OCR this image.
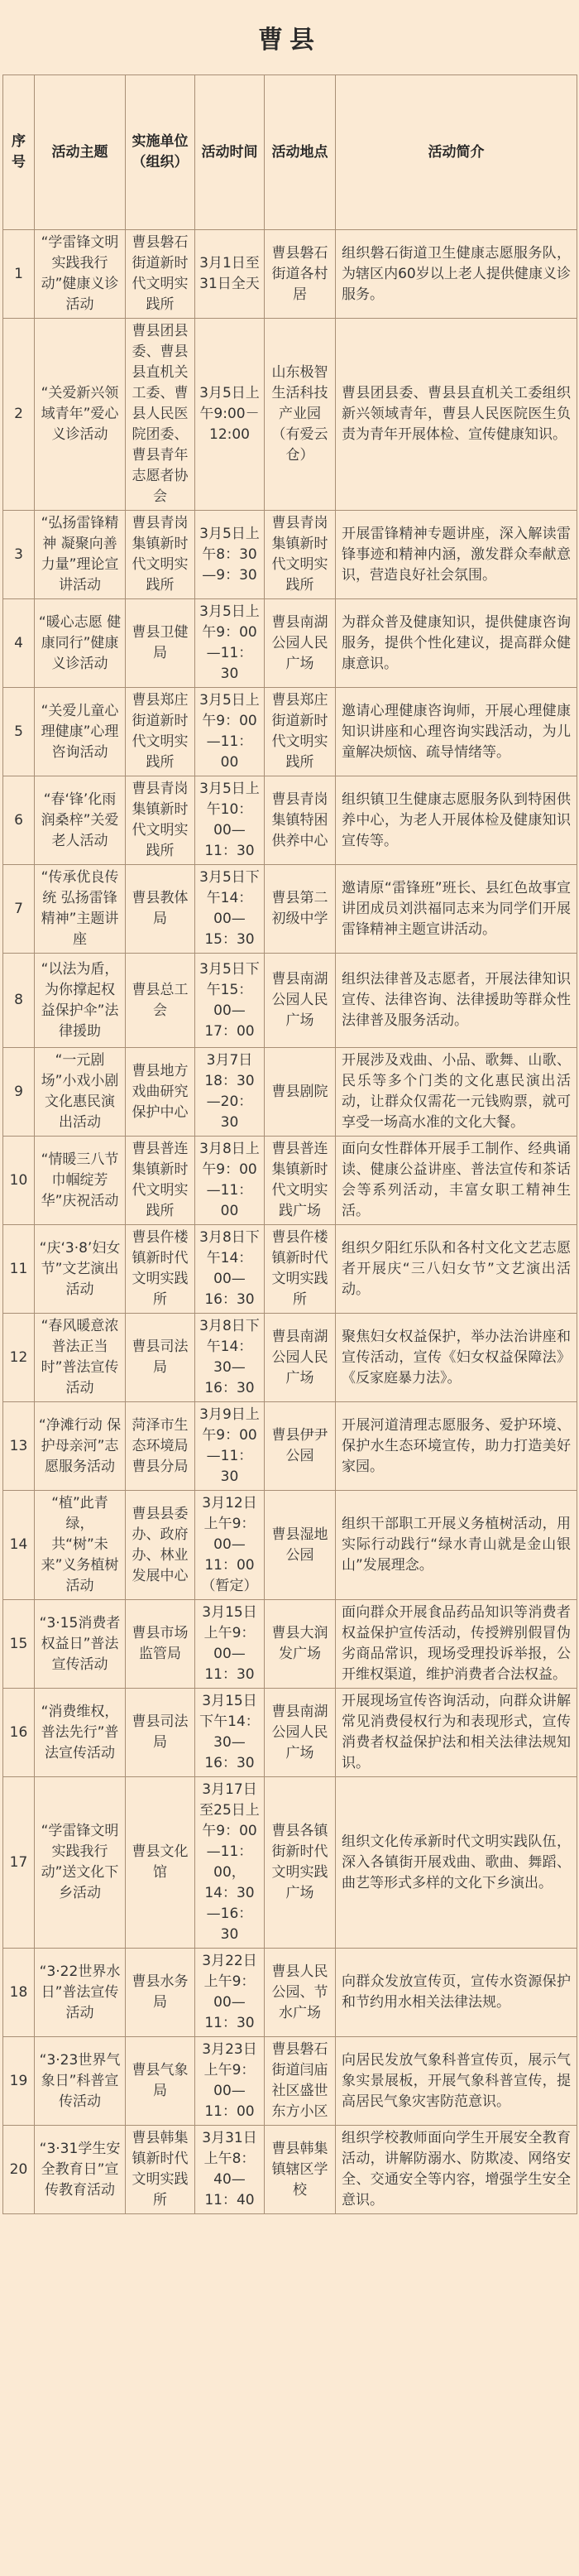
曹县
序号	活动主题	实施单位（组织）	活动时间	活动地点	活动简介
1	“学雷锋文明实践我行动”健康义诊活动	曹县磐石街道新时代文明实践所	3月1日至31日全天	曹县磐石街道各村居	组织磐石街道卫生健康志愿服务队，为辖区内60岁以上老人提供健康义诊服务。
2	“关爱新兴领域青年”爱心义诊活动	曹县团县委、曹县县直机关工委、曹县人民医院团委、曹县青年志愿者协会	3月5日上午9:00－12:00	山东极智生活科技产业园（有爱云仓）	曹县团县委、曹县县直机关工委组织新兴领域青年，曹县人民医院医生负责为青年开展体检、宣传健康知识。
3	“弘扬雷锋精神 凝聚向善力量”理论宣讲活动	曹县青岗集镇新时代文明实践所	3月5日上午8：30—9：30	曹县青岗集镇新时代文明实践所	开展雷锋精神专题讲座，深入解读雷锋事迹和精神内涵，激发群众奉献意识，营造良好社会氛围。
4	“暖心志愿 健康同行”健康义诊活动	曹县卫健局	3月5日上午9：00—11：30	曹县南湖公园人民广场	为群众普及健康知识，提供健康咨询服务，提供个性化建议，提高群众健康意识。
5	“关爱儿童心理健康”心理咨询活动	曹县郑庄街道新时代文明实践所	3月5日上午9：00—11：00	曹县郑庄街道新时代文明实践所	邀请心理健康咨询师，开展心理健康知识讲座和心理咨询实践活动，为儿童解决烦恼、疏导情绪等。
6	“春‘锋’化雨润桑梓”关爱老人活动	曹县青岗集镇新时代文明实践所	3月5日上午10：00—11：30	曹县青岗集镇特困供养中心	组织镇卫生健康志愿服务队到特困供养中心，为老人开展体检及健康知识宣传等。
7	“传承优良传统 弘扬雷锋精神”主题讲座	曹县教体局	3月5日下午14：00—15：30	曹县第二初级中学	邀请原“雷锋班”班长、县红色故事宣讲团成员刘洪福同志来为同学们开展雷锋精神主题宣讲活动。
8	“以法为盾，为你撑起权益保护伞”法律援助	曹县总工会	3月5日下午15：00—17：00	曹县南湖公园人民广场	组织法律普及志愿者，开展法律知识宣传、法律咨询、法律援助等群众性法律普及服务活动。
9	“一元剧场”小戏小剧文化惠民演出活动	曹县地方戏曲研究保护中心	3月7日18：30—20：30	曹县剧院	开展涉及戏曲、小品、歌舞、山歌、民乐等多个门类的文化惠民演出活动，让群众仅需花一元钱购票，就可享受一场高水准的文化大餐。
10	“情暖三八节 巾帼绽芳华”庆祝活动	曹县普连集镇新时代文明实践所	3月8日上午9：00—11：00	曹县普连集镇新时代文明实践广场	面向女性群体开展手工制作、经典诵读、健康公益讲座、普法宣传和茶话会等系列活动，丰富女职工精神生活。
11	“庆‘3·8’妇女节”文艺演出活动	曹县仵楼镇新时代文明实践所	3月8日下午14：00—16：30	曹县仵楼镇新时代文明实践所	组织夕阳红乐队和各村文化文艺志愿者开展庆“三八妇女节”文艺演出活动。
12	“春风暖意浓 普法正当时”普法宣传活动	曹县司法局	3月8日下午14：30—16：30	曹县南湖公园人民广场	聚焦妇女权益保护，举办法治讲座和宣传活动，宣传《妇女权益保障法》《反家庭暴力法》。
13	“净滩行动 保护母亲河”志愿服务活动	菏泽市生态环境局曹县分局	3月9日上午9：00—11：30	曹县伊尹公园	开展河道清理志愿服务、爱护环境、保护水生态环境宣传，助力打造美好家园。
14	“植”此青绿，共“树”未来”义务植树活动	曹县县委办、政府办、林业发展中心	3月12日上午9：00—11：00（暂定）	曹县湿地公园	组织干部职工开展义务植树活动，用实际行动践行“绿水青山就是金山银山”发展理念。
15	“3·15消费者权益日”普法宣传活动	曹县市场监管局	3月15日上午9：00—11：30	曹县大润发广场	面向群众开展食品药品知识等消费者权益保护宣传活动，传授辨别假冒伪劣商品常识，现场受理投诉举报，公开维权渠道，维护消费者合法权益。
16	“消费维权，普法先行”普法宣传活动	曹县司法局	3月15日下午14：30—16：30	曹县南湖公园人民广场	开展现场宣传咨询活动，向群众讲解常见消费侵权行为和表现形式，宣传消费者权益保护法和相关法律法规知识。
17	“学雷锋文明实践我行动”送文化下乡活动	曹县文化馆	3月17日至25日上午9：00—11：00，14：30—16：30	曹县各镇街新时代文明实践广场	组织文化传承新时代文明实践队伍，深入各镇街开展戏曲、歌曲、舞蹈、曲艺等形式多样的文化下乡演出。
18	“3·22世界水日”普法宣传活动	曹县水务局	3月22日上午9：00—11：30	曹县人民公园、节水广场	向群众发放宣传页，宣传水资源保护和节约用水相关法律法规。
19	“3·23世界气象日”科普宣传活动	曹县气象局	3月23日上午9：00—11：00	曹县磐石街道闫庙社区盛世东方小区	向居民发放气象科普宣传页，展示气象实景展板，开展气象科普宣传，提高居民气象灾害防范意识。
20	“3·31学生安全教育日”宣传教育活动	曹县韩集镇新时代文明实践所	3月31日上午8：40—11：40	曹县韩集镇辖区学校	组织学校教师面向学生开展安全教育活动，讲解防溺水、防欺凌、网络安全、交通安全等内容，增强学生安全意识。
